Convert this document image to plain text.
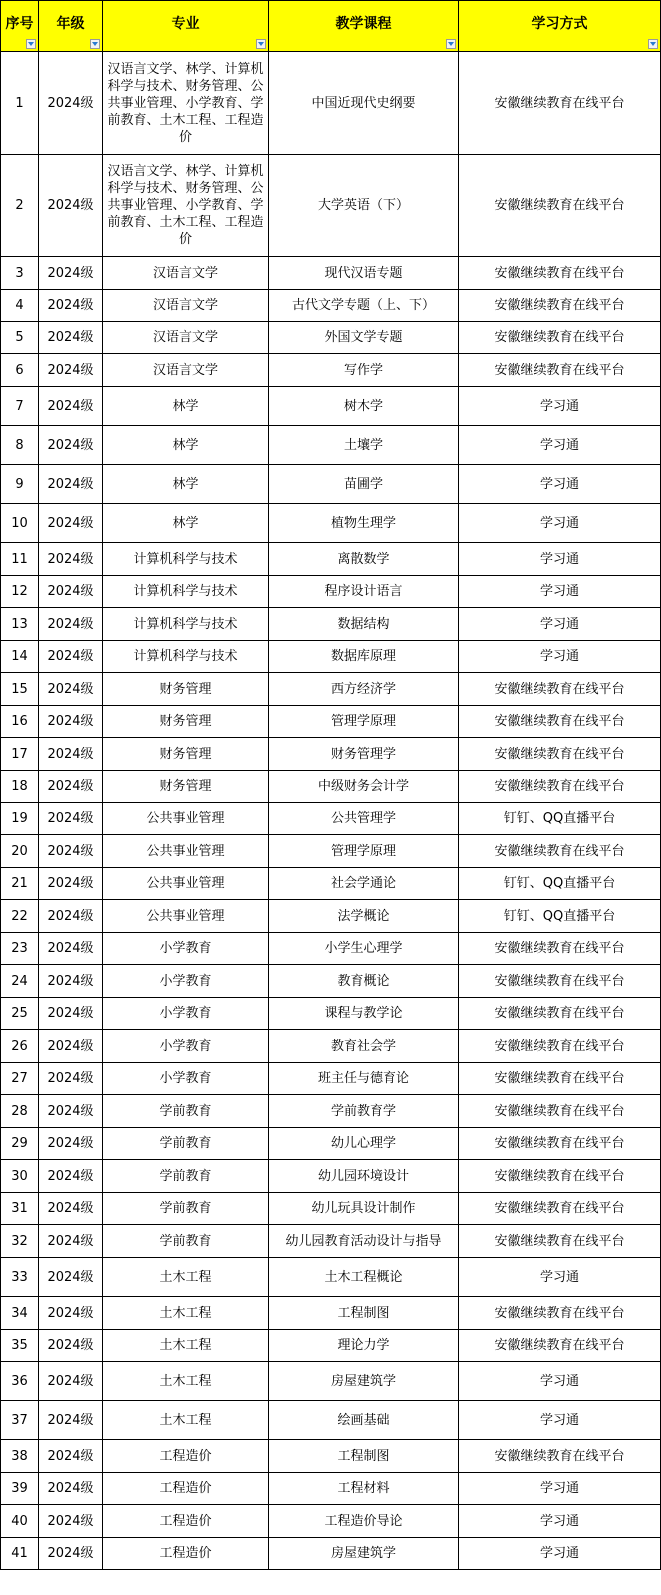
序号	年级	专业	教学课程	学习方式

1	2024级	汉语言文学、林学、计算机科学与技术、财务管理、公共事业管理、小学教育、学前教育、土木工程、工程造价	中国近现代史纲要	安徽继续教育在线平台
2	2024级	汉语言文学、林学、计算机科学与技术、财务管理、公共事业管理、小学教育、学前教育、土木工程、工程造价	大学英语（下）	安徽继续教育在线平台
3	2024级	汉语言文学	现代汉语专题	安徽继续教育在线平台
4	2024级	汉语言文学	古代文学专题（上、下）	安徽继续教育在线平台
5	2024级	汉语言文学	外国文学专题	安徽继续教育在线平台
6	2024级	汉语言文学	写作学	安徽继续教育在线平台
7	2024级	林学	树木学	学习通
8	2024级	林学	土壤学	学习通
9	2024级	林学	苗圃学	学习通
10	2024级	林学	植物生理学	学习通
11	2024级	计算机科学与技术	离散数学	学习通
12	2024级	计算机科学与技术	程序设计语言	学习通
13	2024级	计算机科学与技术	数据结构	学习通
14	2024级	计算机科学与技术	数据库原理	学习通
15	2024级	财务管理	西方经济学	安徽继续教育在线平台
16	2024级	财务管理	管理学原理	安徽继续教育在线平台
17	2024级	财务管理	财务管理学	安徽继续教育在线平台
18	2024级	财务管理	中级财务会计学	安徽继续教育在线平台
19	2024级	公共事业管理	公共管理学	钉钉、QQ直播平台
20	2024级	公共事业管理	管理学原理	安徽继续教育在线平台
21	2024级	公共事业管理	社会学通论	钉钉、QQ直播平台
22	2024级	公共事业管理	法学概论	钉钉、QQ直播平台
23	2024级	小学教育	小学生心理学	安徽继续教育在线平台
24	2024级	小学教育	教育概论	安徽继续教育在线平台
25	2024级	小学教育	课程与教学论	安徽继续教育在线平台
26	2024级	小学教育	教育社会学	安徽继续教育在线平台
27	2024级	小学教育	班主任与德育论	安徽继续教育在线平台
28	2024级	学前教育	学前教育学	安徽继续教育在线平台
29	2024级	学前教育	幼儿心理学	安徽继续教育在线平台
30	2024级	学前教育	幼儿园环境设计	安徽继续教育在线平台
31	2024级	学前教育	幼儿玩具设计制作	安徽继续教育在线平台
32	2024级	学前教育	幼儿园教育活动设计与指导	安徽继续教育在线平台
33	2024级	土木工程	土木工程概论	学习通
34	2024级	土木工程	工程制图	安徽继续教育在线平台
35	2024级	土木工程	理论力学	安徽继续教育在线平台
36	2024级	土木工程	房屋建筑学	学习通
37	2024级	土木工程	绘画基础	学习通
38	2024级	工程造价	工程制图	安徽继续教育在线平台
39	2024级	工程造价	工程材料	学习通
40	2024级	工程造价	工程造价导论	学习通
41	2024级	工程造价	房屋建筑学	学习通
